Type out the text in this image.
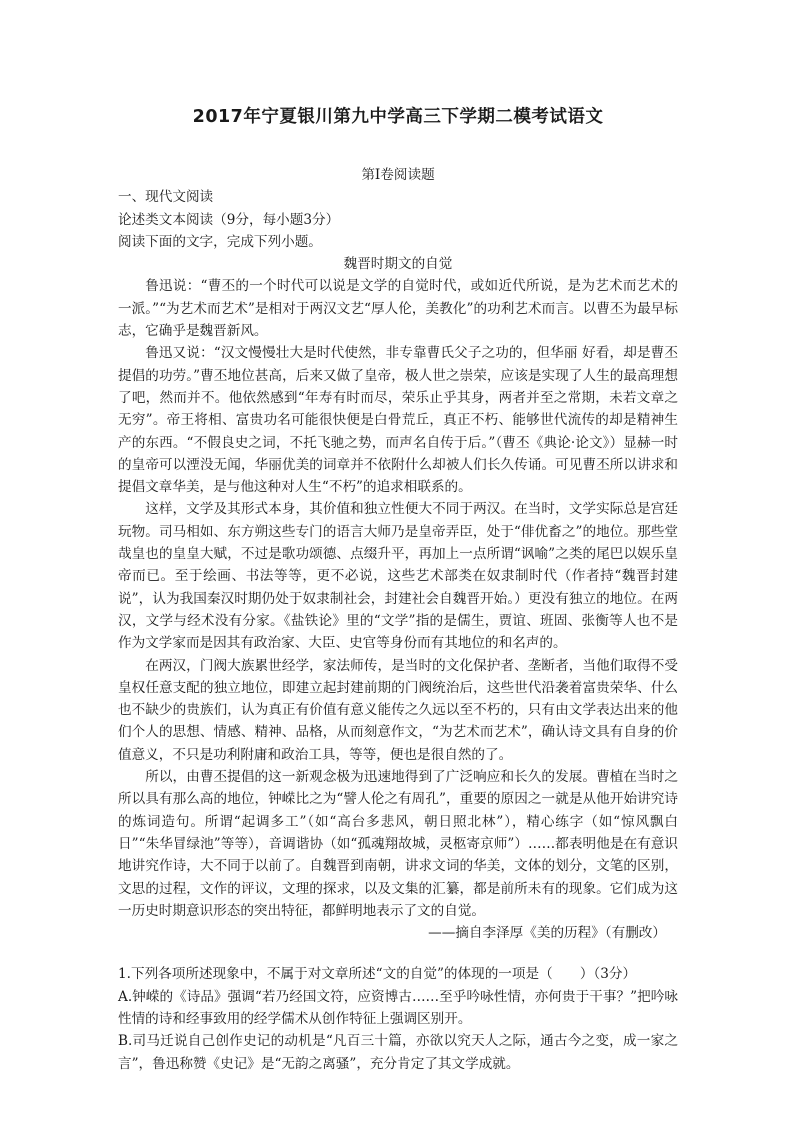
2017年宁夏银川第九中学高三下学期二模考试语文

第Ⅰ卷阅读题

一、现代文阅读

论述类文本阅读（9分，每小题3分）

阅读下面的文字，完成下列小题。

魏晋时期文的自觉

鲁迅说：“曹丕的一个时代可以说是文学的自觉时代，或如近代所说，是为艺术而艺术的一派。”“为艺术而艺术”是相对于两汉文艺“厚人伦，美教化”的功利艺术而言。以曹丕为最早标志，它确乎是魏晋新风。

鲁迅又说：“汉文慢慢壮大是时代使然，非专靠曹氏父子之功的，但华丽 好看，却是曹丕提倡的功劳。”曹丕地位甚高，后来又做了皇帝，极人世之崇荣，应该是实现了人生的最高理想了吧，然而并不。他依然感到“年寿有时而尽，荣乐止乎其身，两者并至之常期，未若文章之无穷”。帝王将相、富贵功名可能很快便是白骨荒丘，真正不朽、能够世代流传的却是精神生产的东西。“不假良史之词，不托飞驰之势，而声名自传于后。”（曹丕《典论·论文》）显赫一时的皇帝可以湮没无闻，华丽优美的词章并不依附什么却被人们长久传诵。可见曹丕所以讲求和提倡文章华美，是与他这种对人生“不朽”的追求相联系的。

这样，文学及其形式本身，其价值和独立性便大不同于两汉。在当时，文学实际总是宫廷玩物。司马相如、东方朔这些专门的语言大师乃是皇帝弄臣，处于“俳优畜之”的地位。那些堂哉皇也的皇皇大赋，不过是歌功颂德、点缀升平，再加上一点所谓“讽喻”之类的尾巴以娱乐皇帝而已。至于绘画、书法等等，更不必说，这些艺术部类在奴隶制时代（作者持“魏晋封建说”，认为我国秦汉时期仍处于奴隶制社会，封建社会自魏晋开始。）更没有独立的地位。在两汉，文学与经术没有分家。《盐铁论》里的“文学”指的是儒生，贾谊、班固、张衡等人也不是作为文学家而是因其有政治家、大臣、史官等身份而有其地位的和名声的。

在两汉，门阀大族累世经学，家法师传，是当时的文化保护者、垄断者，当他们取得不受皇权任意支配的独立地位，即建立起封建前期的门阀统治后，这些世代沿袭着富贵荣华、什么也不缺少的贵族们，认为真正有价值有意义能传之久远以至不朽的，只有由文学表达出来的他们个人的思想、情感、精神、品格，从而刻意作文，“为艺术而艺术”，确认诗文具有自身的价值意义，不只是功利附庸和政治工具，等等，便也是很自然的了。

所以，由曹丕提倡的这一新观念极为迅速地得到了广泛响应和长久的发展。曹植在当时之所以具有那么高的地位，钟嵘比之为“譬人伦之有周孔”，重要的原因之一就是从他开始讲究诗的炼词造句。所谓“起调多工”（如“高台多悲风，朝日照北林”），精心练字（如“惊风飘白日”“朱华冒绿池”等等），音调谐协（如“孤魂翔故城，灵柩寄京师”）……都表明他是在有意识地讲究作诗，大不同于以前了。自魏晋到南朝，讲求文词的华美，文体的划分，文笔的区别，文思的过程，文作的评议，文理的探求，以及文集的汇纂，都是前所未有的现象。它们成为这一历史时期意识形态的突出特征，都鲜明地表示了文的自觉。

——摘自李泽厚《美的历程》（有删改）

1.下列各项所述现象中，不属于对文章所述“文的自觉”的体现的一项是（　　）（3分）

A.钟嵘的《诗品》强调“若乃经国文符，应资博古……至乎吟咏性情，亦何贵于干事？”把吟咏性情的诗和经事致用的经学儒术从创作特征上强调区别开。

B.司马迁说自己创作史记的动机是“凡百三十篇，亦欲以究天人之际，通古今之变，成一家之言”，鲁迅称赞《史记》是“无韵之离骚”，充分肯定了其文学成就。
